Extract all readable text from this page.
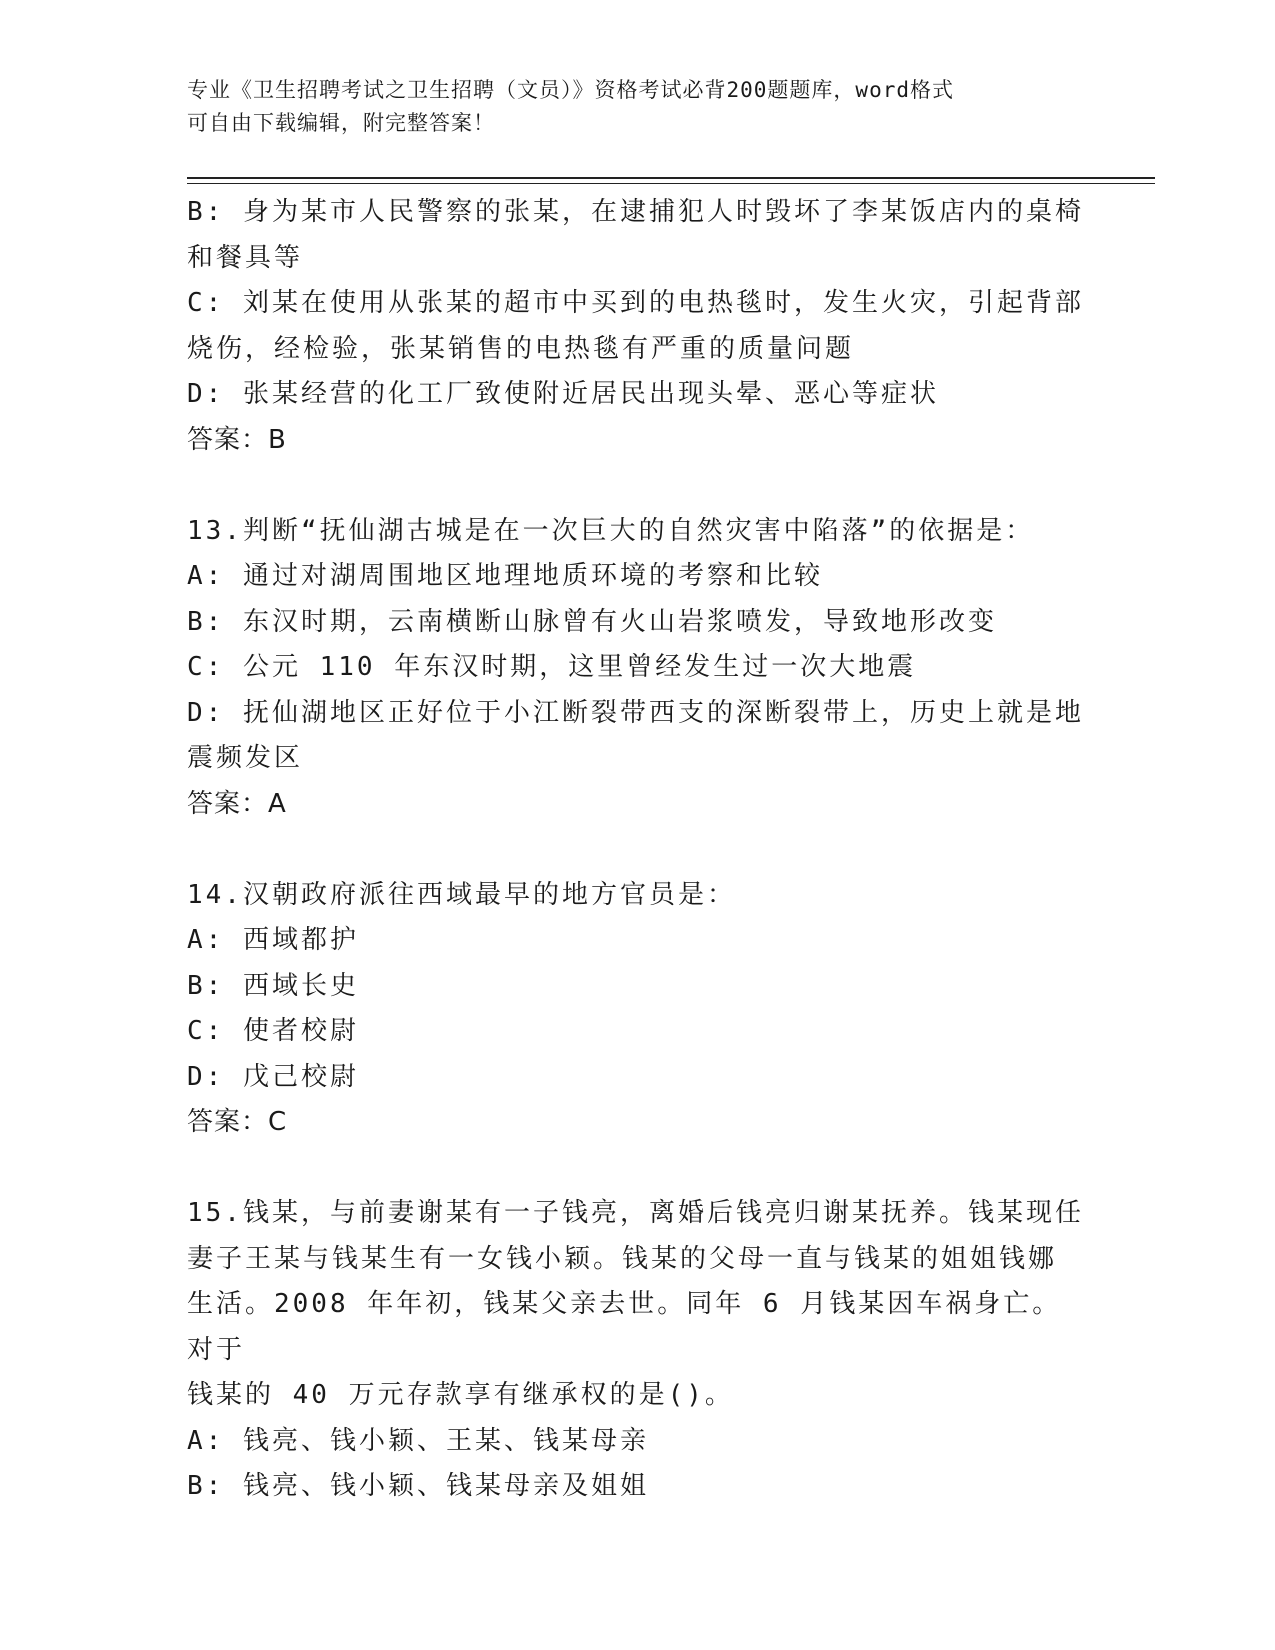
专业《卫生招聘考试之卫生招聘（文员）》资格考试必背200题题库，word格式
可自由下载编辑，附完整答案！
B: 身为某市人民警察的张某，在逮捕犯人时毁坏了李某饭店内的桌椅
和餐具等
C: 刘某在使用从张某的超市中买到的电热毯时，发生火灾，引起背部
烧伤，经检验，张某销售的电热毯有严重的质量问题
D: 张某经营的化工厂致使附近居民出现头晕、恶心等症状
答案：B
13.判断“抚仙湖古城是在一次巨大的自然灾害中陷落”的依据是：
A: 通过对湖周围地区地理地质环境的考察和比较
B: 东汉时期，云南横断山脉曾有火山岩浆喷发，导致地形改变
C: 公元 110 年东汉时期，这里曾经发生过一次大地震
D: 抚仙湖地区正好位于小江断裂带西支的深断裂带上，历史上就是地
震频发区
答案：A
14.汉朝政府派往西域最早的地方官员是：
A: 西域都护
B: 西域长史
C: 使者校尉
D: 戊己校尉
答案：C
15.钱某，与前妻谢某有一子钱亮，离婚后钱亮归谢某抚养。钱某现任
妻子王某与钱某生有一女钱小颖。钱某的父母一直与钱某的姐姐钱娜
生活。2008 年年初，钱某父亲去世。同年 6 月钱某因车祸身亡。对于
钱某的 40 万元存款享有继承权的是()。
A: 钱亮、钱小颖、王某、钱某母亲
B: 钱亮、钱小颖、钱某母亲及姐姐
